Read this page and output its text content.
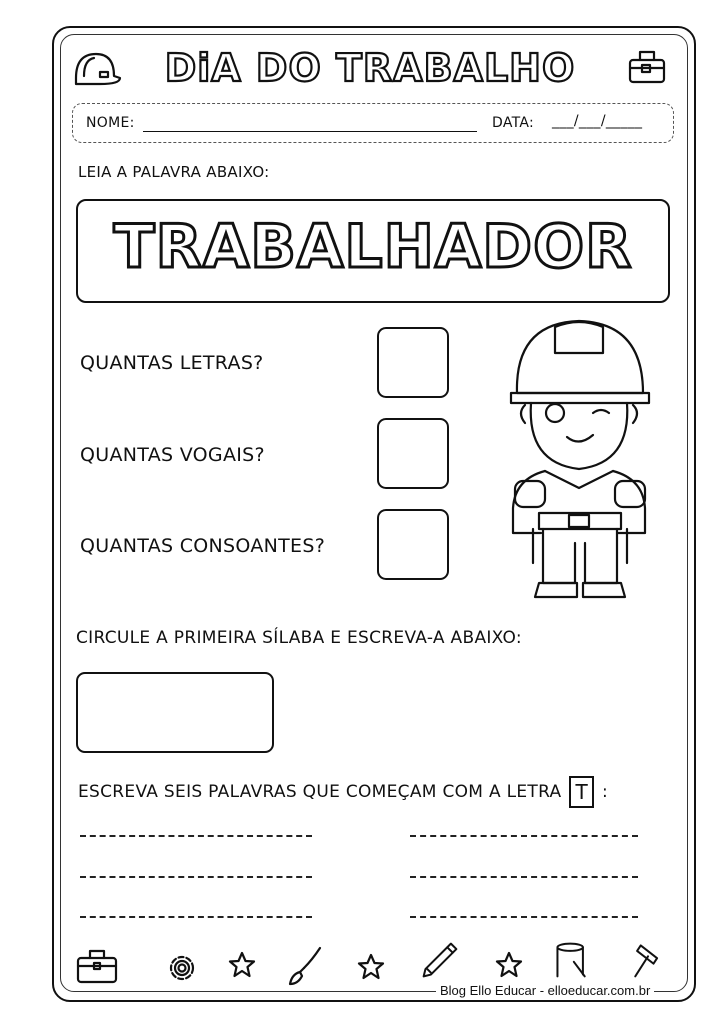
DiA DO TRABALHO
NOME:	DATA: ___/___/_____
LEIA A PALAVRA ABAIXO:
TRABALHADOR
QUANTAS LETRAS?
QUANTAS VOGAIS?
QUANTAS CONSOANTES?
CIRCULE A PRIMEIRA SÍLABA E ESCREVA-A ABAIXO:
ESCREVA SEIS PALAVRAS QUE COMEÇAM COM A LETRA T :
Blog Ello Educar - elloeducar.com.br
